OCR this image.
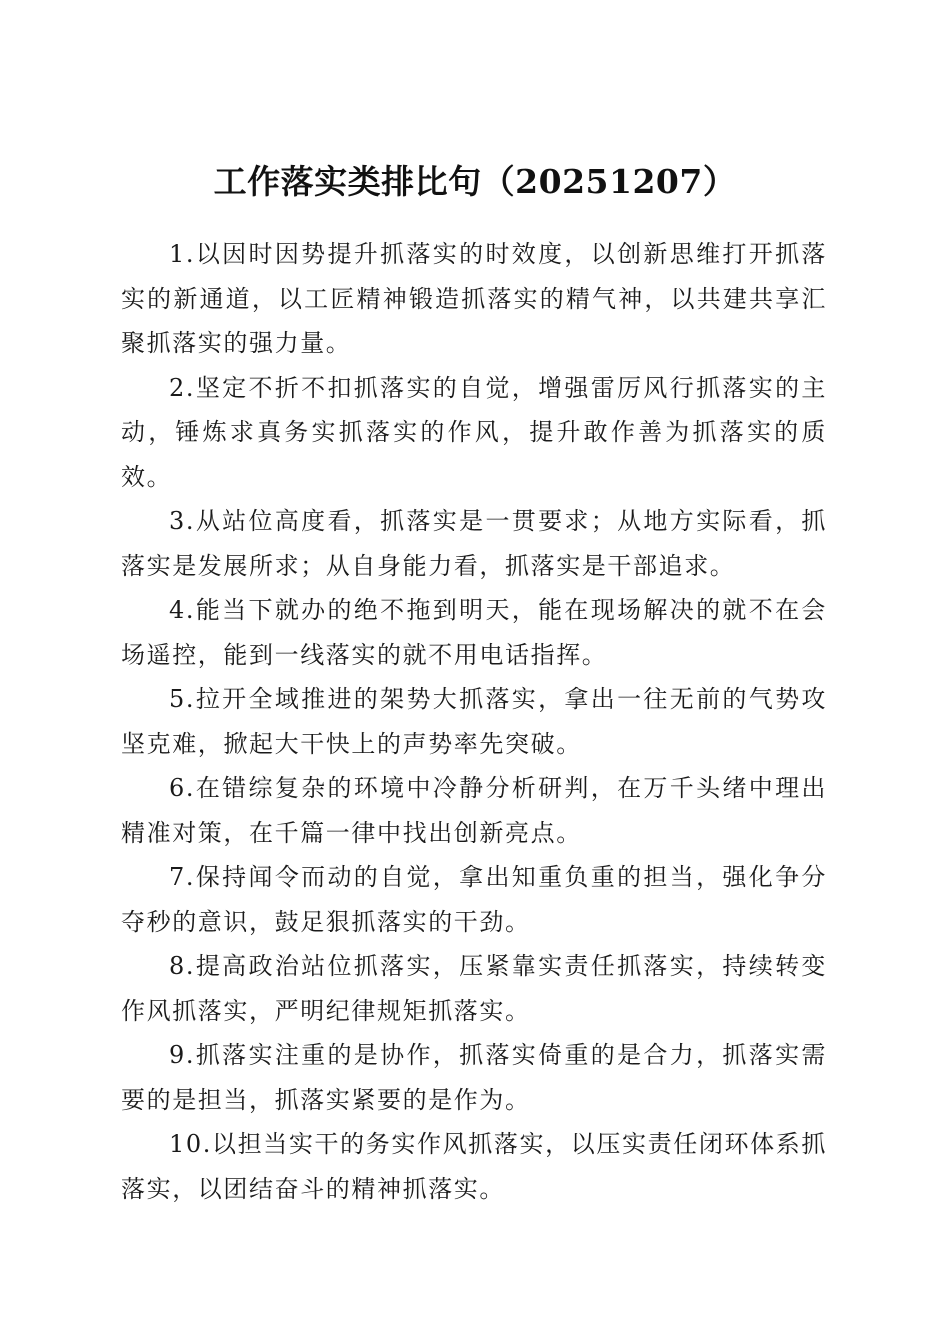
工作落实类排比句（20251207）

1.以因时因势提升抓落实的时效度，以创新思维打开抓落实的新通道，以工匠精神锻造抓落实的精气神，以共建共享汇聚抓落实的强力量。

2.坚定不折不扣抓落实的自觉，增强雷厉风行抓落实的主动，锤炼求真务实抓落实的作风，提升敢作善为抓落实的质效。

3.从站位高度看，抓落实是一贯要求；从地方实际看，抓落实是发展所求；从自身能力看，抓落实是干部追求。

4.能当下就办的绝不拖到明天，能在现场解决的就不在会场遥控，能到一线落实的就不用电话指挥。

5.拉开全域推进的架势大抓落实，拿出一往无前的气势攻坚克难，掀起大干快上的声势率先突破。

6.在错综复杂的环境中冷静分析研判，在万千头绪中理出精准对策，在千篇一律中找出创新亮点。

7.保持闻令而动的自觉，拿出知重负重的担当，强化争分夺秒的意识，鼓足狠抓落实的干劲。

8.提高政治站位抓落实，压紧靠实责任抓落实，持续转变作风抓落实，严明纪律规矩抓落实。

9.抓落实注重的是协作，抓落实倚重的是合力，抓落实需要的是担当，抓落实紧要的是作为。

10.以担当实干的务实作风抓落实，以压实责任闭环体系抓落实，以团结奋斗的精神抓落实。
